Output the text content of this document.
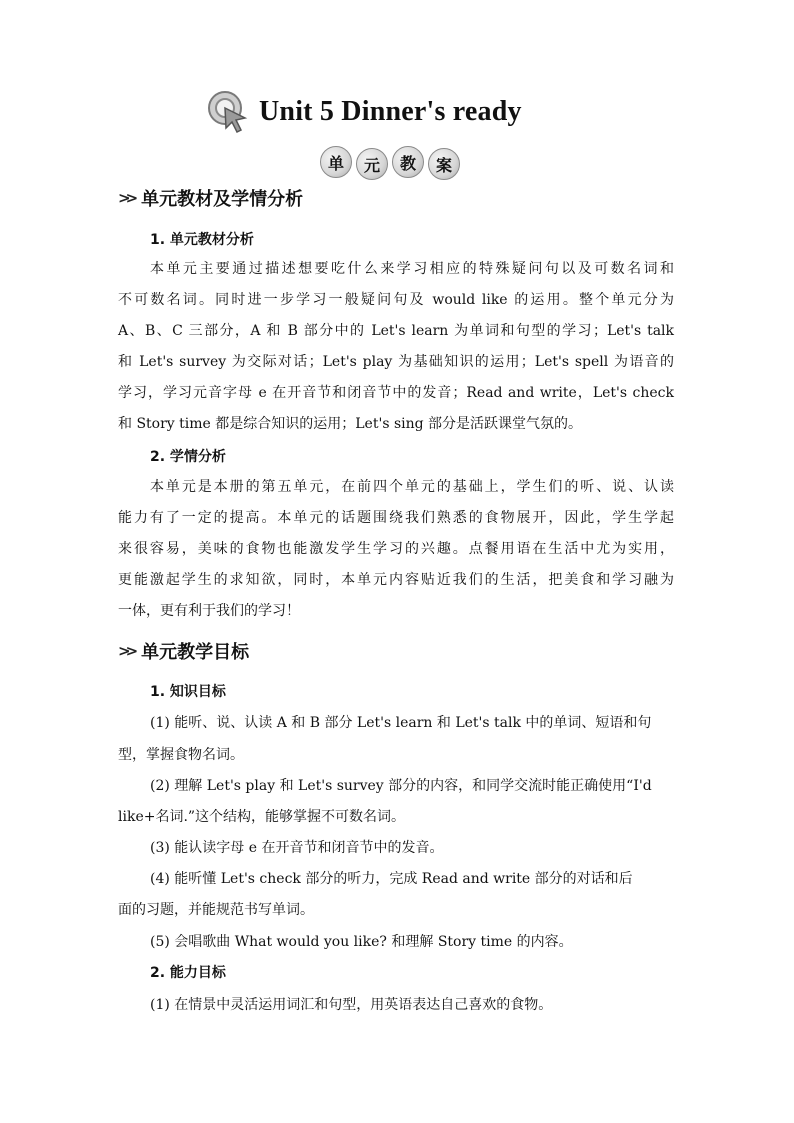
Unit 5 Dinner's ready
单	元	教	案
>> 单元教材及学情分析
1. 单元教材分析
本单元主要通过描述想要吃什么来学习相应的特殊疑问句以及可数名词和
不可数名词。同时进一步学习一般疑问句及 would like 的运用。整个单元分为
A、B、C 三部分，A 和 B 部分中的 Let's learn 为单词和句型的学习；Let's talk
和 Let's survey 为交际对话；Let's play 为基础知识的运用；Let's spell 为语音的
学习，学习元音字母 e 在开音节和闭音节中的发音；Read and write，Let's check
和 Story time 都是综合知识的运用；Let's sing 部分是活跃课堂气氛的。
2. 学情分析
本单元是本册的第五单元，在前四个单元的基础上，学生们的听、说、认读
能力有了一定的提高。本单元的话题围绕我们熟悉的食物展开，因此，学生学起
来很容易，美味的食物也能激发学生学习的兴趣。点餐用语在生活中尤为实用，
更能激起学生的求知欲，同时，本单元内容贴近我们的生活，把美食和学习融为
一体，更有利于我们的学习！
>> 单元教学目标
1. 知识目标
(1) 能听、说、认读 A 和 B 部分 Let's learn 和 Let's talk 中的单词、短语和句
型，掌握食物名词。
(2) 理解 Let's play 和 Let's survey 部分的内容，和同学交流时能正确使用“I'd
like+名词.”这个结构，能够掌握不可数名词。
(3) 能认读字母 e 在开音节和闭音节中的发音。
(4) 能听懂 Let's check 部分的听力，完成 Read and write 部分的对话和后
面的习题，并能规范书写单词。
(5) 会唱歌曲 What would you like? 和理解 Story time 的内容。
2. 能力目标
(1) 在情景中灵活运用词汇和句型，用英语表达自己喜欢的食物。
